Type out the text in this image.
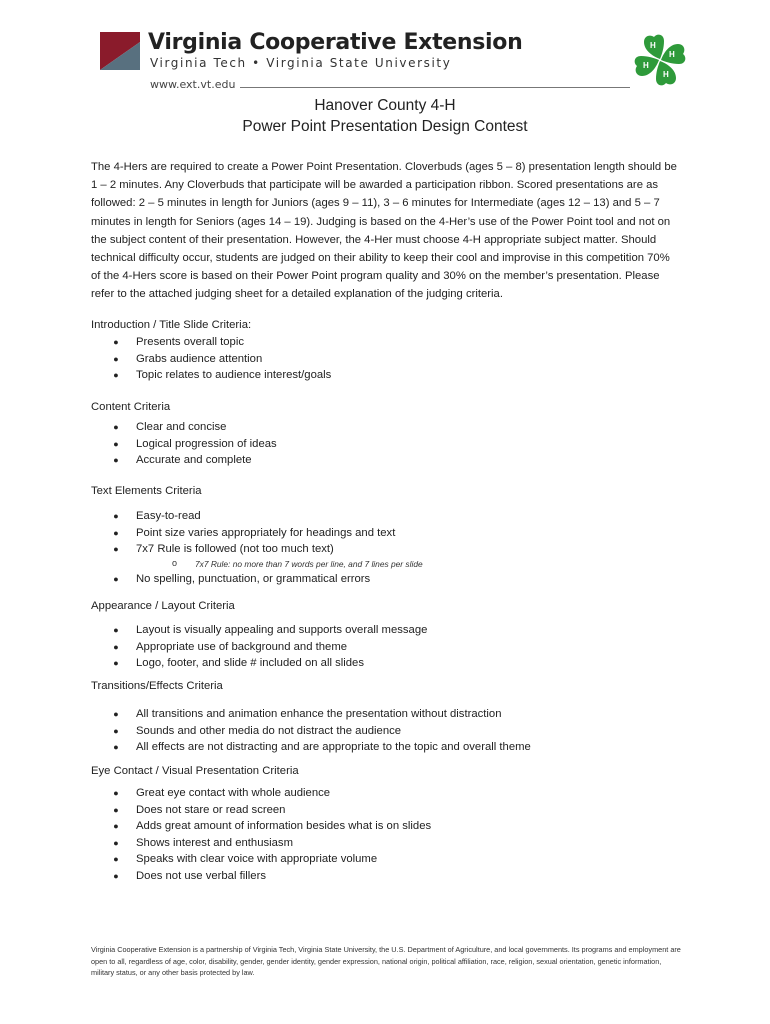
Virginia Cooperative Extension
Virginia Tech • Virginia State University
www.ext.vt.edu
H
H
H
H
Hanover County 4-H
Power Point Presentation Design Contest
The 4-Hers are required to create a Power Point Presentation. Cloverbuds (ages 5 – 8) presentation length should be 1 – 2 minutes. Any Cloverbuds that participate will be awarded a participation ribbon. Scored presentations are as followed: 2 – 5 minutes in length for Juniors (ages 9 – 11), 3 – 6 minutes for Intermediate (ages 12 – 13) and 5 – 7 minutes in length for Seniors (ages 14 – 19). Judging is based on the 4-Her’s use of the Power Point tool and not on the subject content of their presentation. However, the 4-Her must choose 4-H appropriate subject matter. Should technical difficulty occur, students are judged on their ability to keep their cool and improvise in this competition 70% of the 4-Hers score is based on their Power Point program quality and 30% on the member’s presentation. Please refer to the attached judging sheet for a detailed explanation of the judging criteria.
Introduction / Title Slide Criteria:
● Presents overall topic
● Grabs audience attention
● Topic relates to audience interest/goals
Content Criteria
● Clear and concise
● Logical progression of ideas
● Accurate and complete
Text Elements Criteria
● Easy-to-read
● Point size varies appropriately for headings and text
● 7x7 Rule is followed (not too much text)
o 7x7 Rule: no more than 7 words per line, and 7 lines per slide
● No spelling, punctuation, or grammatical errors
Appearance / Layout Criteria
● Layout is visually appealing and supports overall message
● Appropriate use of background and theme
● Logo, footer, and slide # included on all slides
Transitions/Effects Criteria
● All transitions and animation enhance the presentation without distraction
● Sounds and other media do not distract the audience
● All effects are not distracting and are appropriate to the topic and overall theme
Eye Contact / Visual Presentation Criteria
● Great eye contact with whole audience
● Does not stare or read screen
● Adds great amount of information besides what is on slides
● Shows interest and enthusiasm
● Speaks with clear voice with appropriate volume
● Does not use verbal fillers
Virginia Cooperative Extension is a partnership of Virginia Tech, Virginia State University, the U.S. Department of Agriculture, and local governments. Its programs and employment are open to all, regardless of age, color, disability, gender, gender identity, gender expression, national origin, political affiliation, race, religion, sexual orientation, genetic information, military status, or any other basis protected by law.
